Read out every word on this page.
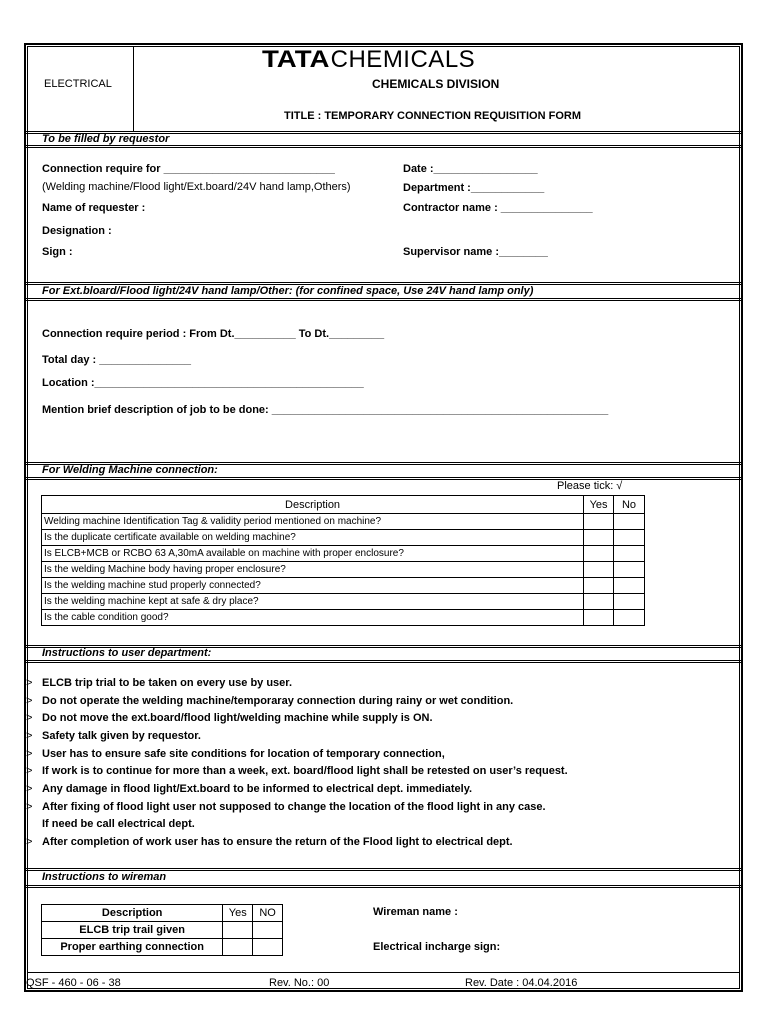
ELECTRICAL
TATA CHEMICALS
CHEMICALS DIVISION
TITLE : TEMPORARY CONNECTION REQUISITION FORM
To be filled by requestor
Connection require for ____________________________
(Welding machine/Flood light/Ext.board/24V hand lamp,Others)
Name of requester :
Designation :
Sign :
Date :_________________
Department :____________
Contractor name : _______________
Supervisor name :________
For Ext.bloard/Flood light/24V hand lamp/Other: (for confined space, Use 24V hand lamp only)
Connection require period : From Dt.__________ To Dt._________
Total day : _______________
Location :____________________________________________
Mention brief description of job to be done: _______________________________________________________
For Welding Machine connection:
Please tick: √
Description	Yes	No
Welding machine Identification Tag & validity period mentioned on machine?		
Is the duplicate certificate available on welding machine?		
Is ELCB+MCB or RCBO 63 A,30mA available on machine with proper enclosure?		
Is the welding Machine body having proper enclosure?		
Is the welding machine stud properly connected?		
Is the welding machine kept at safe & dry place?		
Is the cable condition good?		
Instructions to user department:
> ELCB trip trial to be taken on every use by user.
> Do not operate the welding machine/temporaray connection during rainy or wet condition.
> Do not move the ext.board/flood light/welding machine while supply is ON.
> Safety talk given by requestor.
> User has to ensure safe site conditions for location of temporary connection,
> If work is to continue for more than a week, ext. board/flood light shall be retested on user’s request.
> Any damage in flood light/Ext.board to be informed to electrical dept. immediately.
> After fixing of flood light user not supposed to change the location of the flood light in any case.
If need be call electrical dept.
> After completion of work user has to ensure the return of the Flood light to electrical dept.
Instructions to wireman
Description	Yes	NO
ELCB trip trail given		
Proper earthing connection		
Wireman name :
Electrical incharge sign:
QSF - 460 - 06 - 38	Rev. No.: 00	Rev. Date : 04.04.2016
